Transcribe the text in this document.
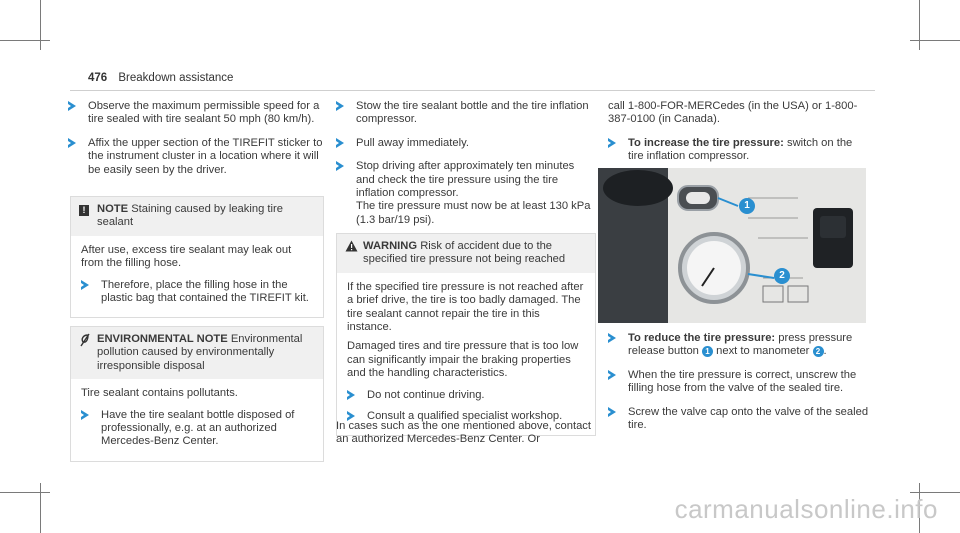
476 Breakdown assistance
Observe the maximum permissible speed for a tire sealed with tire sealant 50 mph (80 km/h).
Affix the upper section of the TIREFIT sticker to the instrument cluster in a location where it will be easily seen by the driver.
!	NOTE Staining caused by leaking tire sealant
After use, excess tire sealant may leak out from the filling hose.
Therefore, place the filling hose in the plastic bag that contained the TIREFIT kit.
ENVIRONMENTAL NOTE Environmental pollution caused by environmentally irresponsible disposal
Tire sealant contains pollutants.
Have the tire sealant bottle disposed of professionally, e.g. at an authorized Mercedes-Benz Center.
Stow the tire sealant bottle and the tire inflation compressor.
Pull away immediately.
Stop driving after approximately ten minutes and check the tire pressure using the tire inflation compressor.
The tire pressure must now be at least 130 kPa (1.3 bar/19 psi).
WARNING Risk of accident due to the specified tire pressure not being reached
If the specified tire pressure is not reached after a brief drive, the tire is too badly damaged. The tire sealant cannot repair the tire in this instance.
Damaged tires and tire pressure that is too low can significantly impair the braking properties and the handling characteristics.
Do not continue driving.
Consult a qualified specialist workshop.
In cases such as the one mentioned above, contact an authorized Mercedes-Benz Center. Or
call 1-800-FOR-MERCedes (in the USA) or 1-800-387-0100 (in Canada).
To increase the tire pressure: switch on the tire inflation compressor.
1
2
To reduce the tire pressure: press pressure release button 1 next to manometer 2 .
When the tire pressure is correct, unscrew the filling hose from the valve of the sealed tire.
Screw the valve cap onto the valve of the sealed tire.
carmanualsonline.info
